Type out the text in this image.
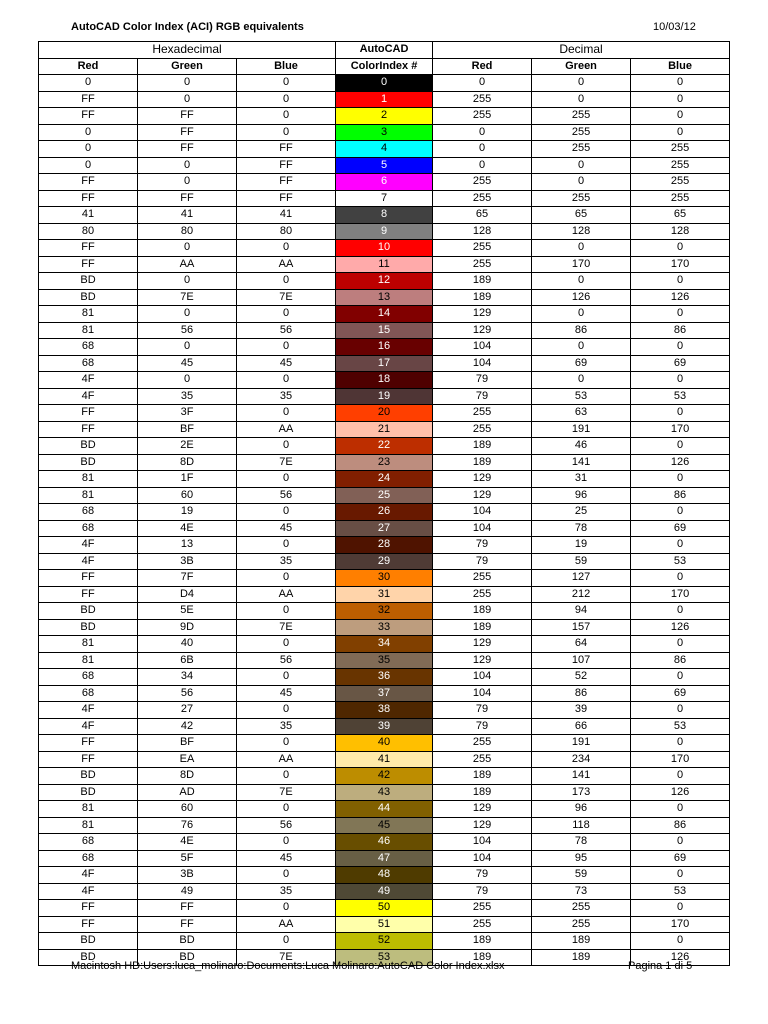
AutoCAD Color Index (ACI) RGB equivalents	10/03/12
Hexadecimal			AutoCAD	Decimal		
Red	Green	Blue	ColorIndex #	Red	Green	Blue
0	0	0	0	0	0	0
FF	0	0	1	255	0	0
FF	FF	0	2	255	255	0
0	FF	0	3	0	255	0
0	FF	FF	4	0	255	255
0	0	FF	5	0	0	255
FF	0	FF	6	255	0	255
FF	FF	FF	7	255	255	255
41	41	41	8	65	65	65
80	80	80	9	128	128	128
FF	0	0	10	255	0	0
FF	AA	AA	11	255	170	170
BD	0	0	12	189	0	0
BD	7E	7E	13	189	126	126
81	0	0	14	129	0	0
81	56	56	15	129	86	86
68	0	0	16	104	0	0
68	45	45	17	104	69	69
4F	0	0	18	79	0	0
4F	35	35	19	79	53	53
FF	3F	0	20	255	63	0
FF	BF	AA	21	255	191	170
BD	2E	0	22	189	46	0
BD	8D	7E	23	189	141	126
81	1F	0	24	129	31	0
81	60	56	25	129	96	86
68	19	0	26	104	25	0
68	4E	45	27	104	78	69
4F	13	0	28	79	19	0
4F	3B	35	29	79	59	53
FF	7F	0	30	255	127	0
FF	D4	AA	31	255	212	170
BD	5E	0	32	189	94	0
BD	9D	7E	33	189	157	126
81	40	0	34	129	64	0
81	6B	56	35	129	107	86
68	34	0	36	104	52	0
68	56	45	37	104	86	69
4F	27	0	38	79	39	0
4F	42	35	39	79	66	53
FF	BF	0	40	255	191	0
FF	EA	AA	41	255	234	170
BD	8D	0	42	189	141	0
BD	AD	7E	43	189	173	126
81	60	0	44	129	96	0
81	76	56	45	129	118	86
68	4E	0	46	104	78	0
68	5F	45	47	104	95	69
4F	3B	0	48	79	59	0
4F	49	35	49	79	73	53
FF	FF	0	50	255	255	0
FF	FF	AA	51	255	255	170
BD	BD	0	52	189	189	0
BD	BD	7E	53	189	189	126
Macintosh HD:Users:luca_molinaro:Documents:Luca Molinaro:AutoCAD Color Index.xlsx	Pagina 1 di 5
